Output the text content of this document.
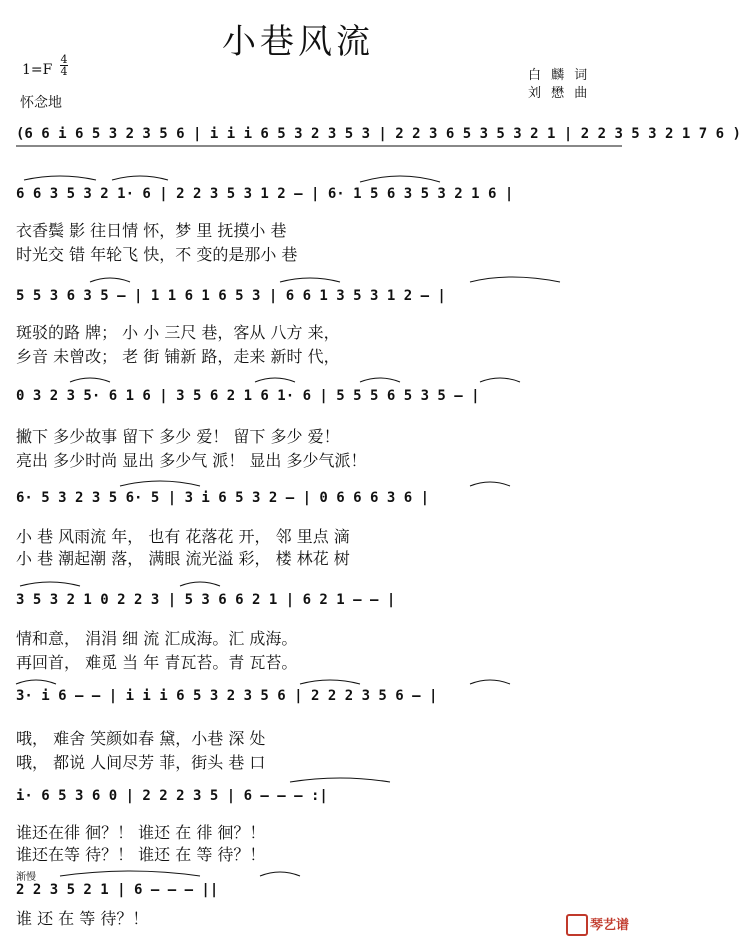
小巷风流
1=F
4
4
怀念地
白 麟 词
刘 懋 曲
(6 6 i 6 5 3 2 3 5 6 | i i i 6 5 3 2 3 5 3 | 2 2 3 6 5 3 5 3 2 1 | 2 2 3 5 3 2 1 7 6 )
6 6 3 5 3 2 1· 6 | 2 2 3 5 3 1 2 – | 6· 1 5 6 3 5 3 2 1 6 |
衣香鬓 影 往日情 怀，梦 里 抚摸小 巷
时光交 错 年轮飞 快，不 变的是那小 巷
5 5 3 6 3 5 – | 1 1 6 1 6 5 3 | 6 6 1 3 5 3 1 2 – |
斑驳的路 牌； 小 小 三尺 巷，客从 八方 来，
乡音 未曾改； 老 街 铺新 路，走来 新时 代，
0 3 2 3 5· 6 1 6 | 3 5 6 2 1 6 1· 6 | 5 5 5 6 5 3 5 – |
撇下 多少故事 留下 多少 爱！ 留下 多少 爱！
亮出 多少时尚 显出 多少气 派！ 显出 多少气派！
6· 5 3 2 3 5 6· 5 | 3 i 6 5 3 2 – | 0 6 6 6 3 6 |
小 巷 风雨流 年， 也有 花落花 开， 邻 里点 滴
小 巷 潮起潮 落， 满眼 流光溢 彩， 楼 林花 树
3 5 3 2 1 0 2 2 3 | 5 3 6 6 2 1 | 6 2 1 – – |
情和意， 涓涓 细 流 汇成海。汇 成海。
再回首， 难觅 当 年 青瓦苔。青 瓦苔。
3· i 6 – – | i i i 6 5 3 2 3 5 6 | 2 2 2 3 5 6 – |
哦， 难舍 笑颜如春 黛，小巷 深 处
哦， 都说 人间尽芳 菲，街头 巷 口
i· 6 5 3 6 0 | 2 2 2 3 5 | 6 – – – :|
谁还在徘 徊？！ 谁还 在 徘 徊？！
谁还在等 待？！ 谁还 在 等 待？！
渐慢
2 2 3 5 2 1 | 6 – – – ||
谁 还 在 等 待？！	琴艺谱
